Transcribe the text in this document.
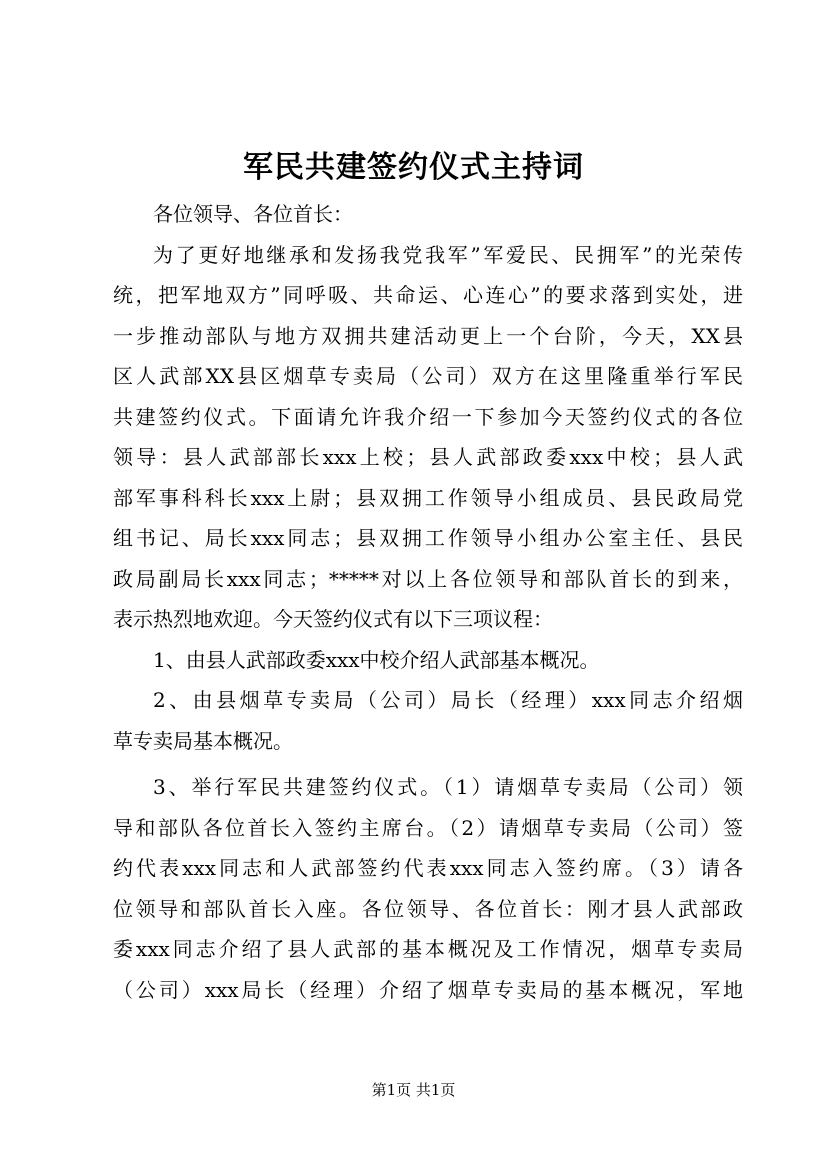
军民共建签约仪式主持词
各位领导、各位首长：
为了更好地继承和发扬我党我军”军爱民、民拥军”的光荣传
统，把军地双方”同呼吸、共命运、心连心”的要求落到实处，进
一步推动部队与地方双拥共建活动更上一个台阶，今天，XX县
区人武部XX县区烟草专卖局（公司）双方在这里隆重举行军民
共建签约仪式。下面请允许我介绍一下参加今天签约仪式的各位
领导：县人武部部长xxx上校；县人武部政委xxx中校；县人武
部军事科科长xxx上尉；县双拥工作领导小组成员、县民政局党
组书记、局长xxx同志；县双拥工作领导小组办公室主任、县民
政局副局长xxx同志；*****对以上各位领导和部队首长的到来，
表示热烈地欢迎。今天签约仪式有以下三项议程：
1、由县人武部政委xxx中校介绍人武部基本概况。
2、由县烟草专卖局（公司）局长（经理）xxx同志介绍烟
草专卖局基本概况。
3、举行军民共建签约仪式。（1）请烟草专卖局（公司）领
导和部队各位首长入签约主席台。（2）请烟草专卖局（公司）签
约代表xxx同志和人武部签约代表xxx同志入签约席。（3）请各
位领导和部队首长入座。各位领导、各位首长：刚才县人武部政
委xxx同志介绍了县人武部的基本概况及工作情况，烟草专卖局
（公司）xxx局长（经理）介绍了烟草专卖局的基本概况，军地
第1页 共1页
